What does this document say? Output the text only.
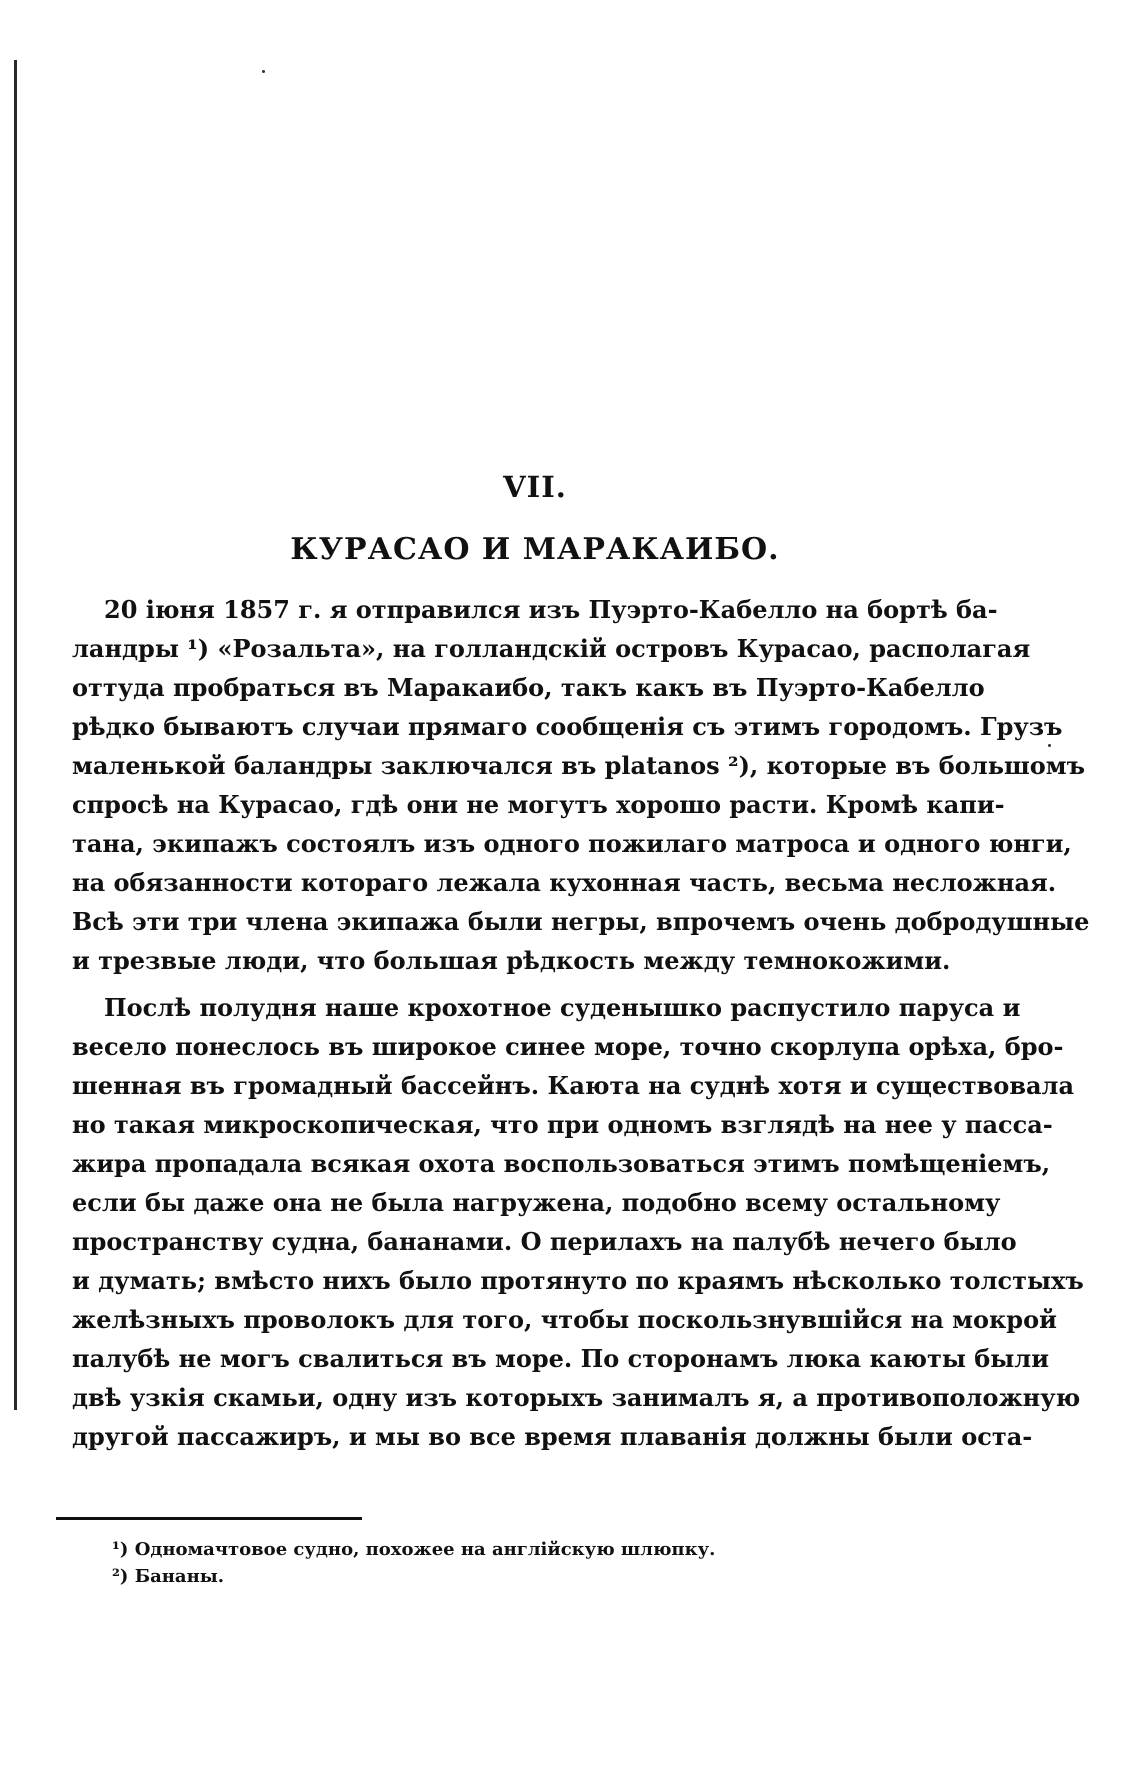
VII.
КУРАСАО И МАРАКАИБО.
20 іюня 1857 г. я отправился изъ Пуэрто-Кабелло на бортѣ ба-
ландры ¹) «Розальта», на голландскій островъ Курасао, располагая
оттуда пробраться въ Маракаибо, такъ какъ въ Пуэрто-Кабелло
рѣдко бываютъ случаи прямаго сообщенія съ этимъ городомъ. Грузъ
маленькой баландры заключался въ platanos ²), которые въ большомъ
спросѣ на Курасао, гдѣ они не могутъ хорошо расти. Кромѣ капи-
тана, экипажъ состоялъ изъ одного пожилаго матроса и одного юнги,
на обязанности котораго лежала кухонная часть, весьма несложная.
Всѣ эти три члена экипажа были негры, впрочемъ очень добродушные
и трезвые люди, что большая рѣдкость между темнокожими.
Послѣ полудня наше крохотное суденышко распустило паруса и
весело понеслось въ широкое синее море, точно скорлупа орѣха, бро-
шенная въ громадный бассейнъ. Каюта на суднѣ хотя и существовала
но такая микроскопическая, что при одномъ взглядѣ на нее у пасса-
жира пропадала всякая охота воспользоваться этимъ помѣщеніемъ,
если бы даже она не была нагружена, подобно всему остальному
пространству судна, бананами. О перилахъ на палубѣ нечего было
и думать; вмѣсто нихъ было протянуто по краямъ нѣсколько толстыхъ
желѣзныхъ проволокъ для того, чтобы поскользнувшійся на мокрой
палубѣ не могъ свалиться въ море. По сторонамъ люка каюты были
двѣ узкія скамьи, одну изъ которыхъ занималъ я, а противоположную
другой пассажиръ, и мы во все время плаванія должны были оста-
¹) Одномачтовое судно, похожее на англійскую шлюпку.
²) Бананы.
